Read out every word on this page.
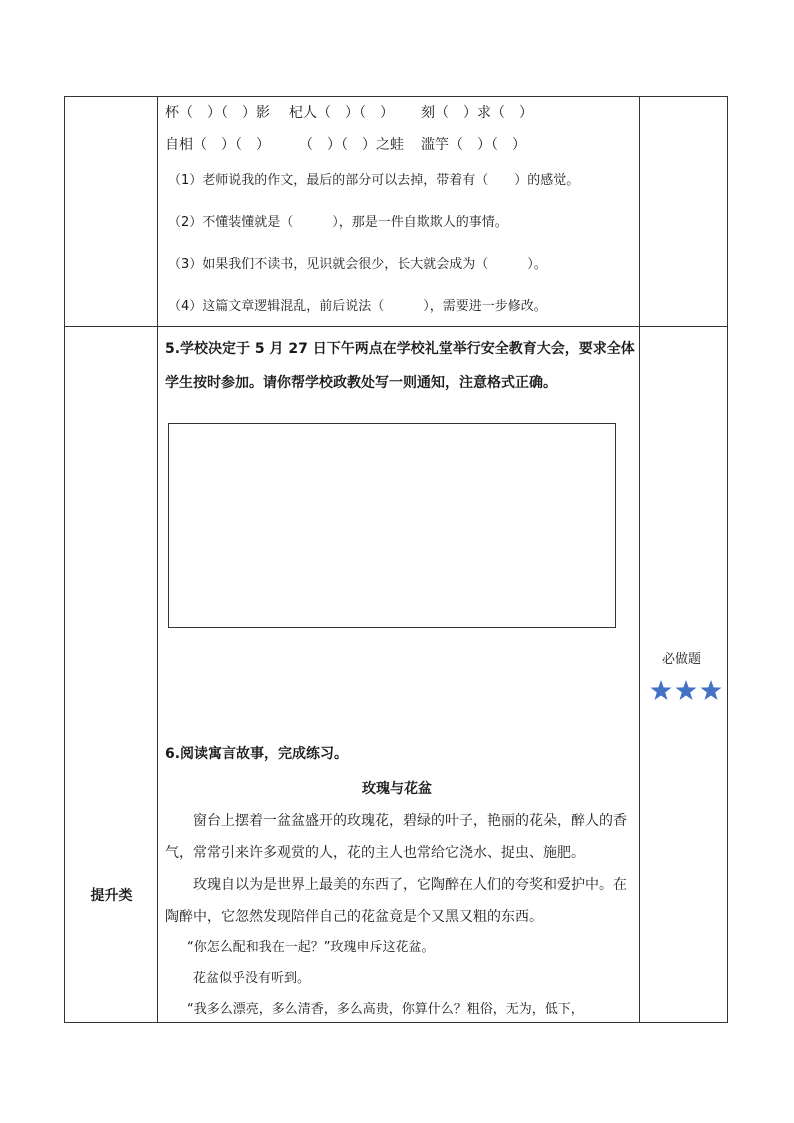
杯（　）（　）影 杞人（　）（　） 刻（　）求（　）
自相（　）（　） （　）（　）之蛙 滥竽（　）（　）
（1）老师说我的作文，最后的部分可以去掉，带着有（　　）的感觉。
（2）不懂装懂就是（　　　），那是一件自欺欺人的事情。
（3）如果我们不读书，见识就会很少，长大就会成为（　　　）。
（4）这篇文章逻辑混乱，前后说法（　　　），需要进一步修改。
5.学校决定于 5 月 27 日下午两点在学校礼堂举行安全教育大会，要求全体
学生按时参加。请你帮学校政教处写一则通知，注意格式正确。
必做题
6.阅读寓言故事，完成练习。
玫瑰与花盆
窗台上摆着一盆盆盛开的玫瑰花，碧绿的叶子，艳丽的花朵，醉人的香
气，常常引来许多观赏的人，花的主人也常给它浇水、捉虫、施肥。
玫瑰自以为是世界上最美的东西了，它陶醉在人们的夸奖和爱护中。在
陶醉中，它忽然发现陪伴自己的花盆竟是个又黑又粗的东西。
“你怎么配和我在一起？”玫瑰申斥这花盆。
花盆似乎没有听到。
“我多么漂亮，多么清香，多么高贵，你算什么？粗俗，无为，低下，
提升类
